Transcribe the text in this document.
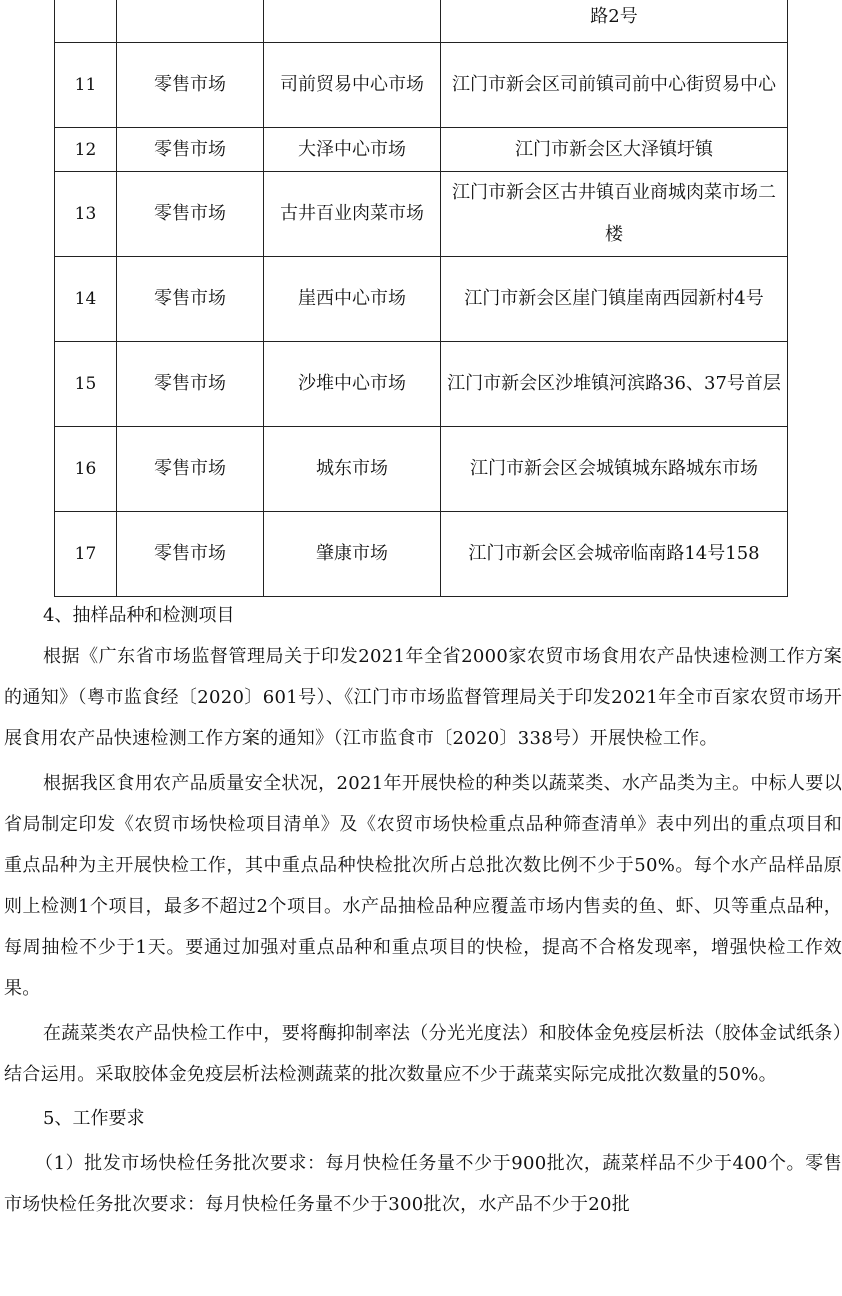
			路2号
11	零售市场	司前贸易中心市场	江门市新会区司前镇司前中心街贸易中心
12	零售市场	大泽中心市场	江门市新会区大泽镇圩镇
13	零售市场	古井百业肉菜市场	江门市新会区古井镇百业商城肉菜市场二楼
14	零售市场	崖西中心市场	江门市新会区崖门镇崖南西园新村4号
15	零售市场	沙堆中心市场	江门市新会区沙堆镇河滨路36、37号首层
16	零售市场	城东市场	江门市新会区会城镇城东路城东市场
17	零售市场	肇康市场	江门市新会区会城帝临南路14号158

4、抽样品种和检测项目

根据《广东省市场监督管理局关于印发2021年全省2000家农贸市场食用农产品快速检测工作方案的通知》（粤市监食经〔2020〕601号）、《江门市市场监督管理局关于印发2021年全市百家农贸市场开展食用农产品快速检测工作方案的通知》（江市监食市〔2020〕338号）开展快检工作。

根据我区食用农产品质量安全状况，2021年开展快检的种类以蔬菜类、水产品类为主。中标人要以省局制定印发《农贸市场快检项目清单》及《农贸市场快检重点品种筛查清单》表中列出的重点项目和重点品种为主开展快检工作，其中重点品种快检批次所占总批次数比例不少于50%。每个水产品样品原则上检测1个项目，最多不超过2个项目。水产品抽检品种应覆盖市场内售卖的鱼、虾、贝等重点品种，每周抽检不少于1天。要通过加强对重点品种和重点项目的快检，提高不合格发现率，增强快检工作效果。

在蔬菜类农产品快检工作中，要将酶抑制率法（分光光度法）和胶体金免疫层析法（胶体金试纸条）结合运用。采取胶体金免疫层析法检测蔬菜的批次数量应不少于蔬菜实际完成批次数量的50%。

5、工作要求

（1）批发市场快检任务批次要求：每月快检任务量不少于900批次，蔬菜样品不少于400个。零售市场快检任务批次要求：每月快检任务量不少于300批次，水产品不少于20批
